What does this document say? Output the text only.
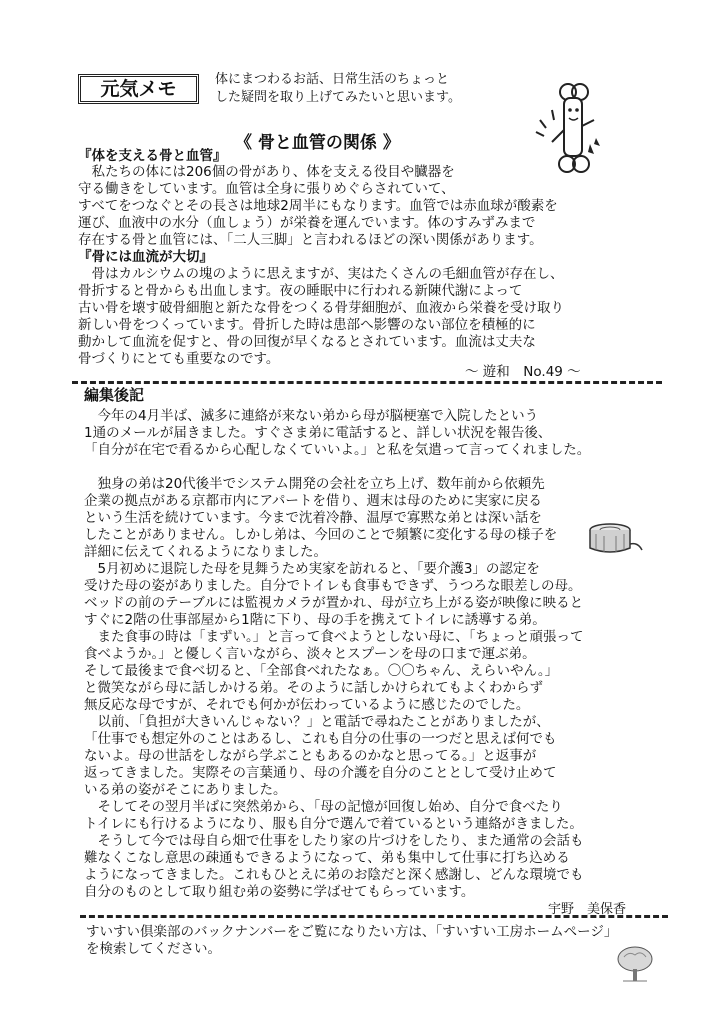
元気メモ	体にまつわるお話、日常生活のちょっと
した疑問を取り上げてみたいと思います。
《 骨と血管の関係 》
『体を支える骨と血管』
　私たちの体には206個の骨があり、体を支える役目や臓器を
守る働きをしています。血管は全身に張りめぐらされていて、
すべてをつなぐとその長さは地球2周半にもなります。血管では赤血球が酸素を
運び、血液中の水分（血しょう）が栄養を運んでいます。体のすみずみまで
存在する骨と血管には、「二人三脚」と言われるほどの深い関係があります。
『骨には血流が大切』
　骨はカルシウムの塊のように思えますが、実はたくさんの毛細血管が存在し、
骨折すると骨からも出血します。夜の睡眠中に行われる新陳代謝によって
古い骨を壊す破骨細胞と新たな骨をつくる骨芽細胞が、血液から栄養を受け取り
新しい骨をつくっています。骨折した時は患部へ影響のない部位を積極的に
動かして血流を促すと、骨の回復が早くなるとされています。血流は丈夫な
骨づくりにとても重要なのです。
～ 遊和　No.49 ～
編集後記
　今年の4月半ば、滅多に連絡が来ない弟から母が脳梗塞で入院したという
1通のメールが届きました。すぐさま弟に電話すると、詳しい状況を報告後、
「自分が在宅で看るから心配しなくていいよ。」と私を気遣って言ってくれました。
　独身の弟は20代後半でシステム開発の会社を立ち上げ、数年前から依頼先
企業の拠点がある京都市内にアパートを借り、週末は母のために実家に戻る
という生活を続けています。今まで沈着冷静、温厚で寡黙な弟とは深い話を
したことがありません。しかし弟は、今回のことで頻繁に変化する母の様子を
詳細に伝えてくれるようになりました。
　5月初めに退院した母を見舞うため実家を訪れると、「要介護3」の認定を
受けた母の姿がありました。自分でトイレも食事もできず、うつろな眼差しの母。
ベッドの前のテーブルには監視カメラが置かれ、母が立ち上がる姿が映像に映ると
すぐに2階の仕事部屋から1階に下り、母の手を携えてトイレに誘導する弟。
　また食事の時は「まずい。」と言って食べようとしない母に、「ちょっと頑張って
食べようか。」と優しく言いながら、淡々とスプーンを母の口まで運ぶ弟。
そして最後まで食べ切ると、「全部食べれたなぁ。〇〇ちゃん、えらいやん。」
と微笑ながら母に話しかける弟。そのように話しかけられてもよくわからず
無反応な母ですが、それでも何かが伝わっているように感じたのでした。
　以前、「負担が大きいんじゃない？」と電話で尋ねたことがありましたが、
「仕事でも想定外のことはあるし、これも自分の仕事の一つだと思えば何でも
ないよ。母の世話をしながら学ぶこともあるのかなと思ってる。」と返事が
返ってきました。実際その言葉通り、母の介護を自分のこととして受け止めて
いる弟の姿がそこにありました。
　そしてその翌月半ばに突然弟から、「母の記憶が回復し始め、自分で食べたり
トイレにも行けるようになり、服も自分で選んで着ているという連絡がきました。
　そうして今では母自ら畑で仕事をしたり家の片づけをしたり、また通常の会話も
難なくこなし意思の疎通もできるようになって、弟も集中して仕事に打ち込める
ようになってきました。これもひとえに弟のお陰だと深く感謝し、どんな環境でも
自分のものとして取り組む弟の姿勢に学ばせてもらっています。
宇野　美保香
すいすい倶楽部のバックナンバーをご覧になりたい方は、「すいすい工房ホームページ」
を検索してください。
